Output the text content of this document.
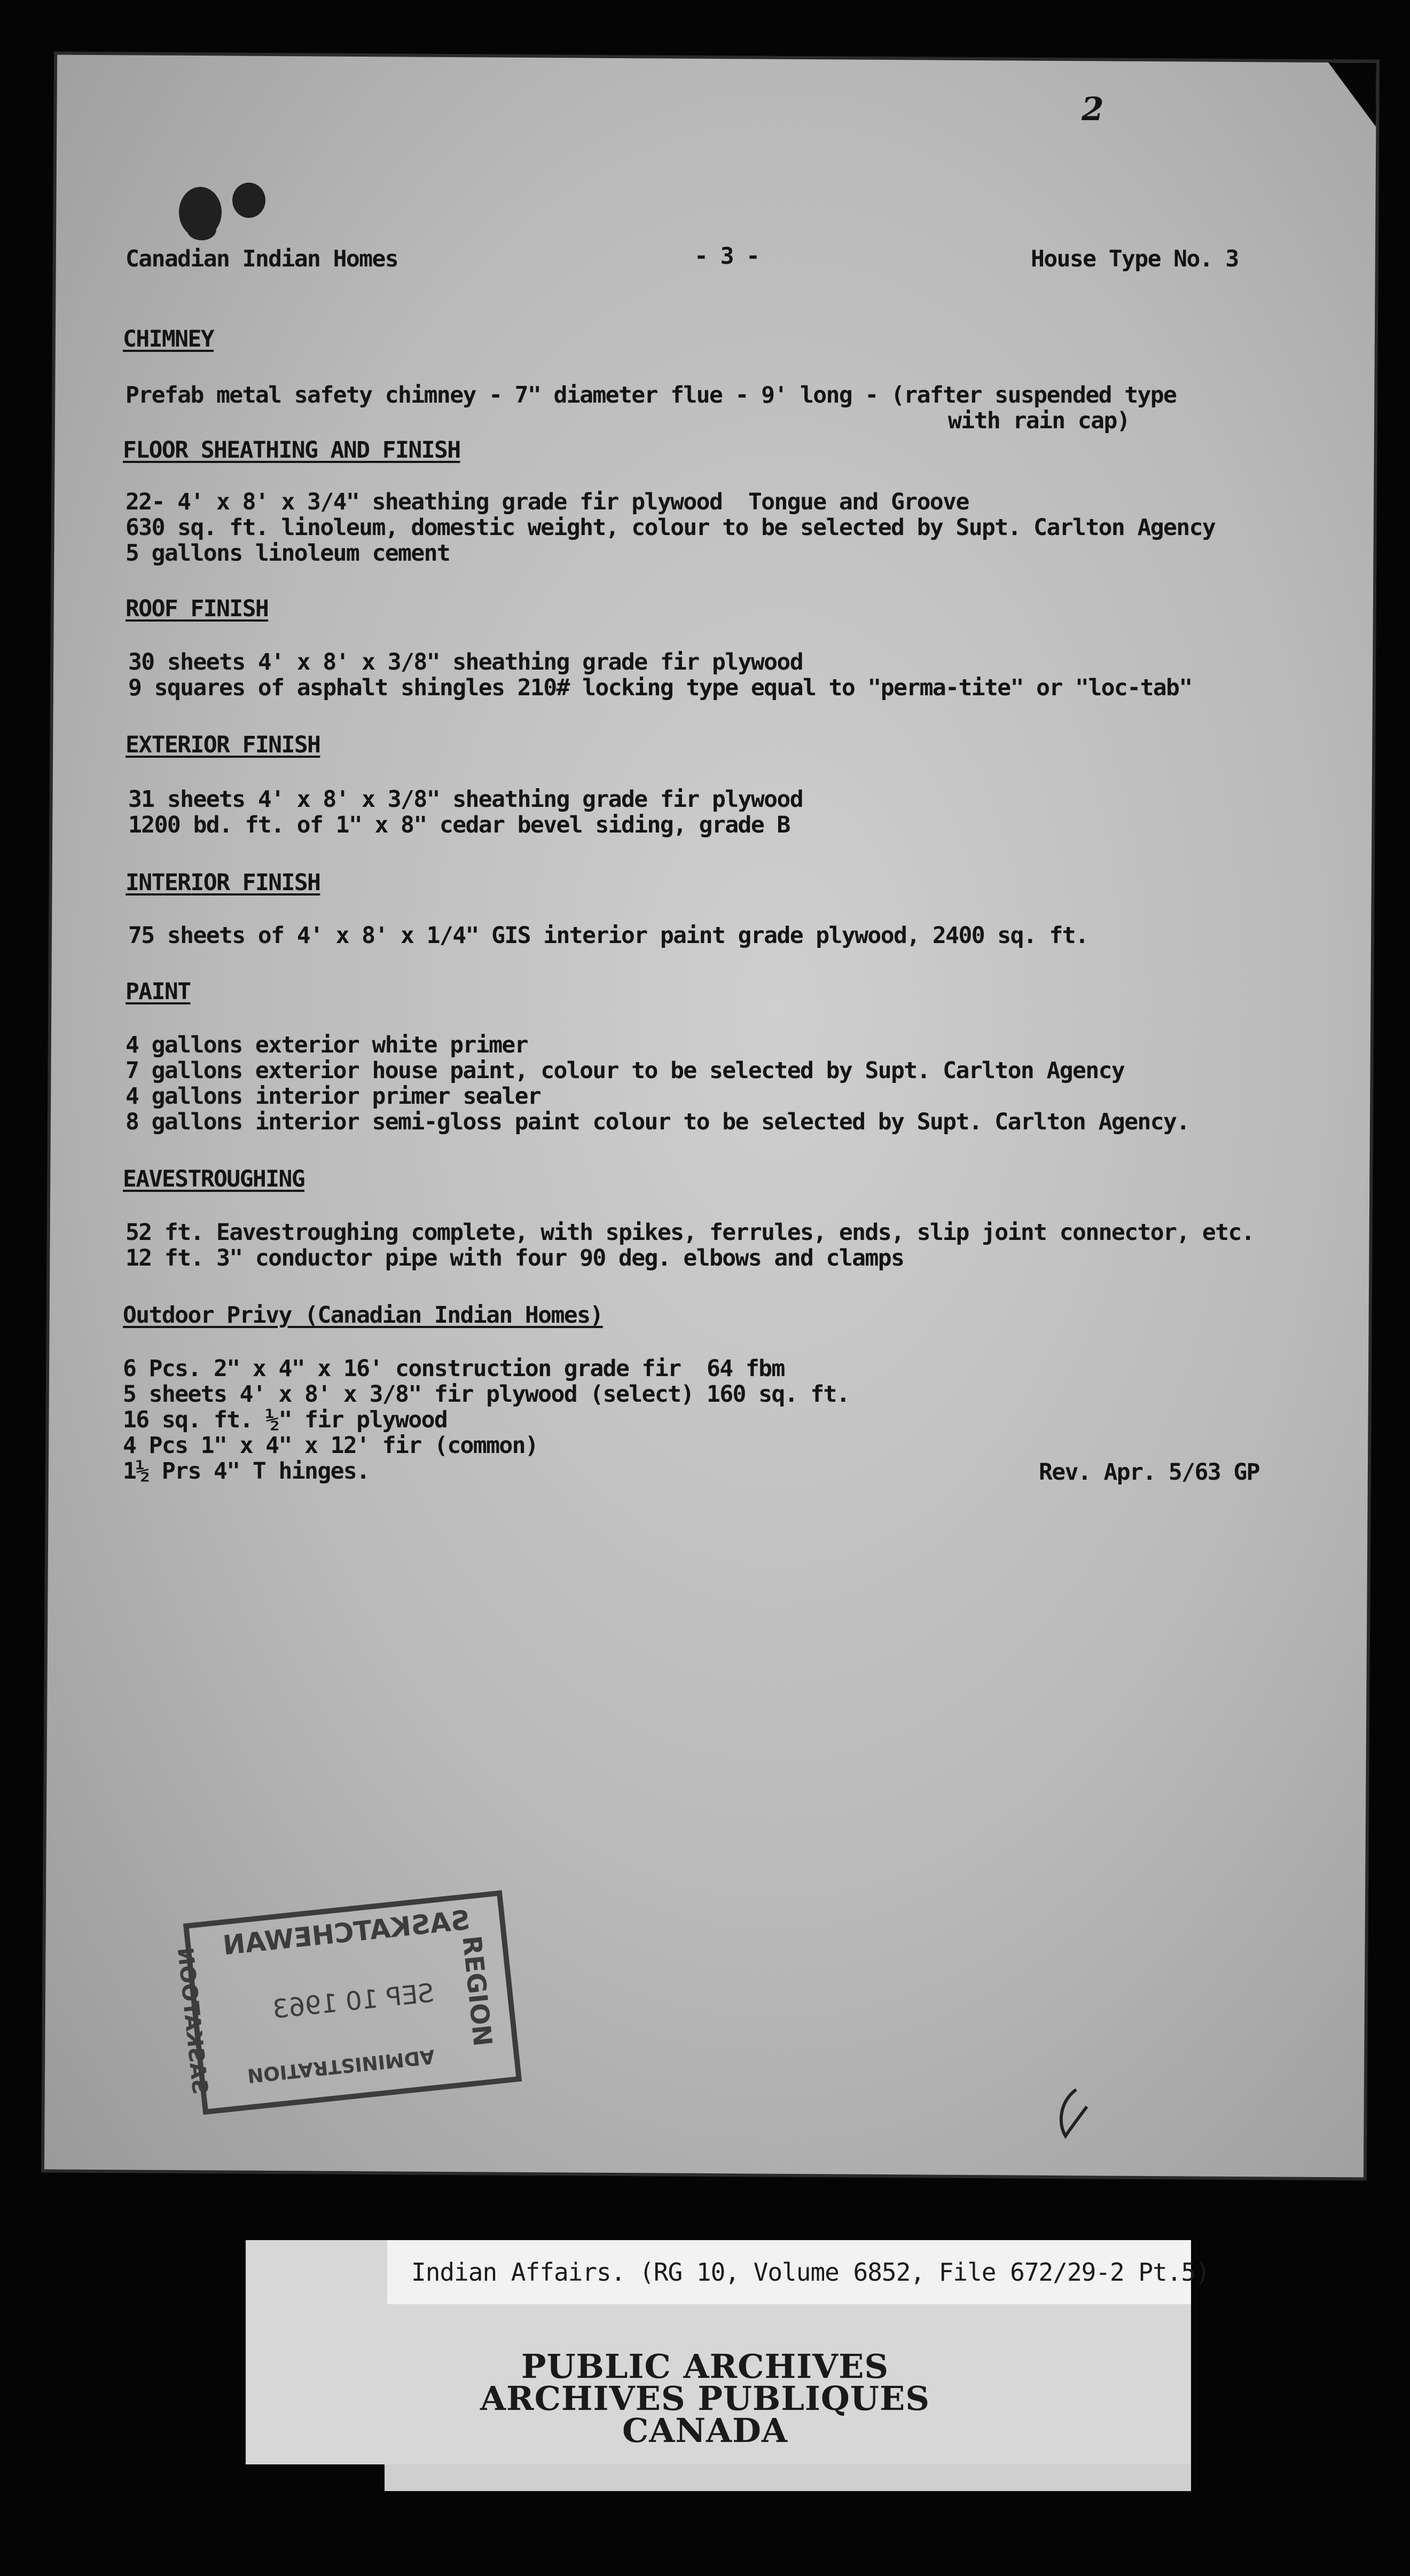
Canadian Indian Homes	- 3 -	House Type No. 3
2
CHIMNEY
Prefab metal safety chimney - 7" diameter flue - 9' long - (rafter suspended type
with rain cap)
FLOOR SHEATHING AND FINISH
22- 4' x 8' x 3/4" sheathing grade fir plywood  Tongue and Groove
630 sq. ft. linoleum, domestic weight, colour to be selected by Supt. Carlton Agency
5 gallons linoleum cement
ROOF FINISH
30 sheets 4' x 8' x 3/8" sheathing grade fir plywood
9 squares of asphalt shingles 210# locking type equal to "perma-tite" or "loc-tab"
EXTERIOR FINISH
31 sheets 4' x 8' x 3/8" sheathing grade fir plywood
1200 bd. ft. of 1" x 8" cedar bevel siding, grade B
INTERIOR FINISH
75 sheets of 4' x 8' x 1/4" GIS interior paint grade plywood, 2400 sq. ft.
PAINT
4 gallons exterior white primer
7 gallons exterior house paint, colour to be selected by Supt. Carlton Agency
4 gallons interior primer sealer
8 gallons interior semi-gloss paint colour to be selected by Supt. Carlton Agency.
EAVESTROUGHING
52 ft. Eavestroughing complete, with spikes, ferrules, ends, slip joint connector, etc.
12 ft. 3" conductor pipe with four 90 deg. elbows and clamps
Outdoor Privy (Canadian Indian Homes)
6 Pcs. 2" x 4" x 16' construction grade fir  64 fbm
5 sheets 4' x 8' x 3/8" fir plywood (select) 160 sq. ft.
16 sq. ft. ½" fir plywood
4 Pcs 1" x 4" x 12' fir (common)
1½ Prs 4" T hinges.	Rev. Apr. 5/63 GP
SASKATCHEWAN
SASKATOON SEP 10 1963
ADMINISTRATION
REGION
Indian Affairs. (RG 10, Volume 6852, File 672/29-2 Pt.5)
PUBLIC ARCHIVES
ARCHIVES PUBLIQUES
CANADA
